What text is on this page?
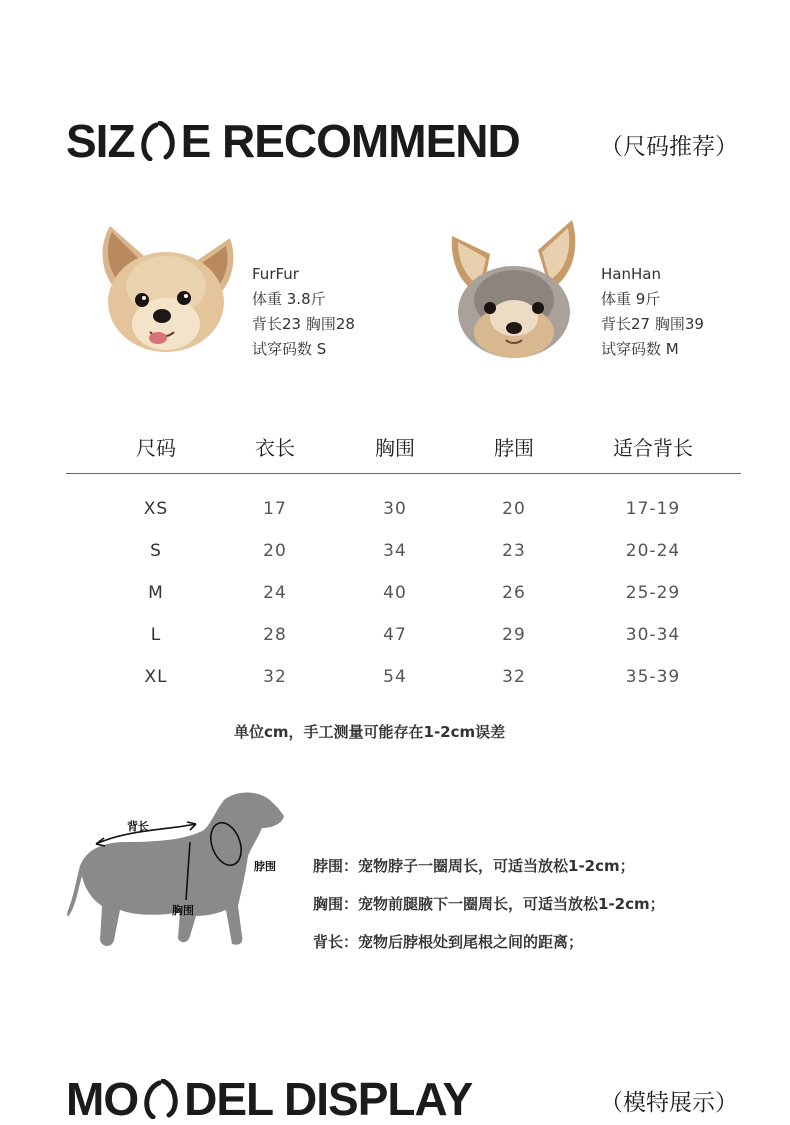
SIZ E RECOMMEND	（尺码推荐）
FurFur
体重 3.8斤
背长23 胸围28
试穿码数 S
HanHan
体重 9斤
背长27 胸围39
试穿码数 M
尺码	衣长	胸围	脖围	适合背长
XS	17	30	20	17-19
S	20	34	23	20-24
M	24	40	26	25-29
L	28	47	29	30-34
XL	32	54	32	35-39
单位cm，手工测量可能存在1-2cm误差
背长
脖围
胸围
脖围：宠物脖子一圈周长，可适当放松1-2cm；
胸围：宠物前腿腋下一圈周长，可适当放松1-2cm；
背长：宠物后脖根处到尾根之间的距离；
MO DEL DISPLAY	（模特展示）
